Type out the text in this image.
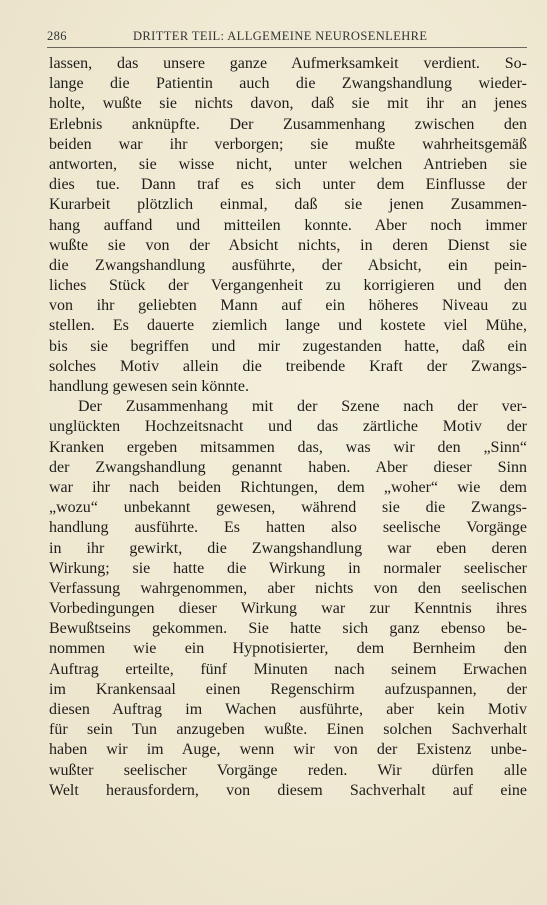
286	DRITTER TEIL: ALLGEMEINE NEUROSENLEHRE
lassen, das unsere ganze Aufmerksamkeit verdient. So-
lange die Patientin auch die Zwangshandlung wieder-
holte, wußte sie nichts davon, daß sie mit ihr an jenes
Erlebnis anknüpfte. Der Zusammenhang zwischen den
beiden war ihr verborgen; sie mußte wahrheitsgemäß
antworten, sie wisse nicht, unter welchen Antrieben sie
dies tue. Dann traf es sich unter dem Einflusse der
Kurarbeit plötzlich einmal, daß sie jenen Zusammen-
hang auffand und mitteilen konnte. Aber noch immer
wußte sie von der Absicht nichts, in deren Dienst sie
die Zwangshandlung ausführte, der Absicht, ein pein-
liches Stück der Vergangenheit zu korrigieren und den
von ihr geliebten Mann auf ein höheres Niveau zu
stellen. Es dauerte ziemlich lange und kostete viel Mühe,
bis sie begriffen und mir zugestanden hatte, daß ein
solches Motiv allein die treibende Kraft der Zwangs-
handlung gewesen sein könnte.
Der Zusammenhang mit der Szene nach der ver-
unglückten Hochzeitsnacht und das zärtliche Motiv der
Kranken ergeben mitsammen das, was wir den „Sinn“
der Zwangshandlung genannt haben. Aber dieser Sinn
war ihr nach beiden Richtungen, dem „woher“ wie dem
„wozu“ unbekannt gewesen, während sie die Zwangs-
handlung ausführte. Es hatten also seelische Vorgänge
in ihr gewirkt, die Zwangshandlung war eben deren
Wirkung; sie hatte die Wirkung in normaler seelischer
Verfassung wahrgenommen, aber nichts von den seelischen
Vorbedingungen dieser Wirkung war zur Kenntnis ihres
Bewußtseins gekommen. Sie hatte sich ganz ebenso be-
nommen wie ein Hypnotisierter, dem Bernheim den
Auftrag erteilte, fünf Minuten nach seinem Erwachen
im Krankensaal einen Regenschirm aufzuspannen, der
diesen Auftrag im Wachen ausführte, aber kein Motiv
für sein Tun anzugeben wußte. Einen solchen Sachverhalt
haben wir im Auge, wenn wir von der Existenz unbe-
wußter seelischer Vorgänge reden. Wir dürfen alle
Welt herausfordern, von diesem Sachverhalt auf eine
